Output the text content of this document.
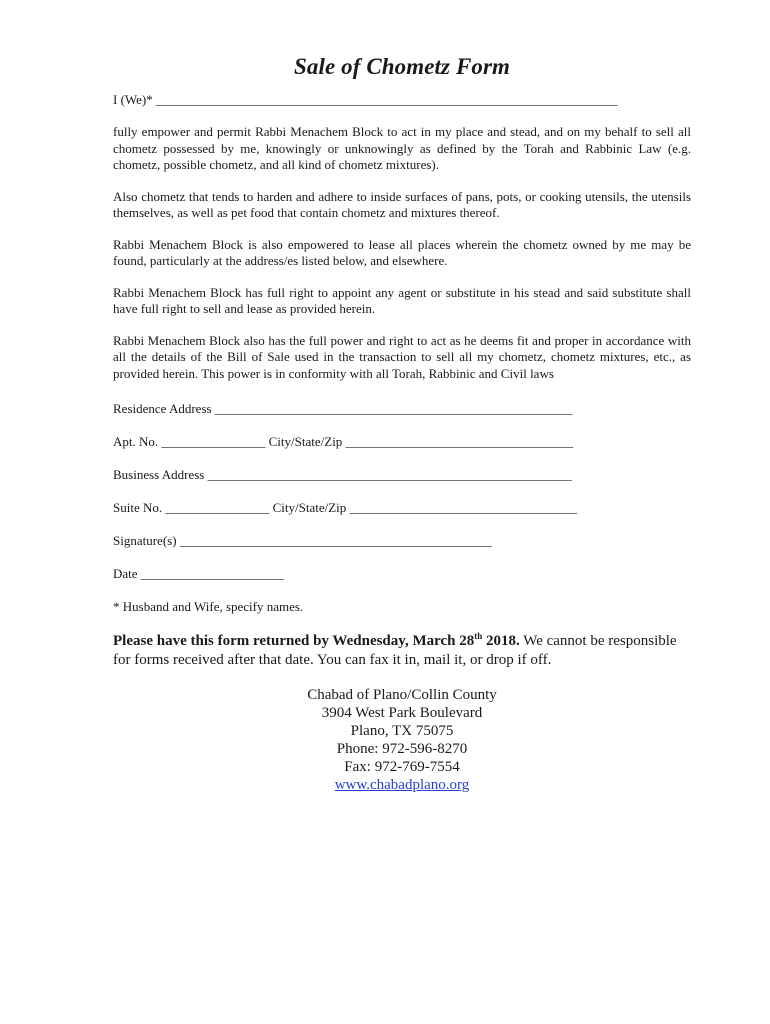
Sale of Chometz Form
I (We)* _______________________________________________________________________

fully empower and permit Rabbi Menachem Block to act in my place and stead, and on my behalf to sell all chometz possessed by me, knowingly or unknowingly as defined by the Torah and Rabbinic Law (e.g. chometz, possible chometz, and all kind of chometz mixtures).

Also chometz that tends to harden and adhere to inside surfaces of pans, pots, or cooking utensils, the utensils themselves, as well as pet food that contain chometz and mixtures thereof.

Rabbi Menachem Block is also empowered to lease all places wherein the chometz owned by me may be found, particularly at the address/es listed below, and elsewhere.

Rabbi Menachem Block has full right to appoint any agent or substitute in his stead and said substitute shall have full right to sell and lease as provided herein.

Rabbi Menachem Block also has the full power and right to act as he deems fit and proper in accordance with all the details of the Bill of Sale used in the transaction to sell all my chometz, chometz mixtures, etc., as provided herein. This power is in conformity with all Torah, Rabbinic and Civil laws

Residence Address _______________________________________________________

Apt. No. ________________ City/State/Zip ___________________________________

Business Address ________________________________________________________

Suite No. ________________ City/State/Zip ___________________________________

Signature(s) ________________________________________________

Date ______________________

* Husband and Wife, specify names.

Please have this form returned by Wednesday, March 28th 2018. We cannot be responsible for forms received after that date. You can fax it in, mail it, or drop if off.

Chabad of Plano/Collin County

3904 West Park Boulevard

Plano, TX 75075

Phone: 972-596-8270

Fax: 972-769-7554

www.chabadplano.org
